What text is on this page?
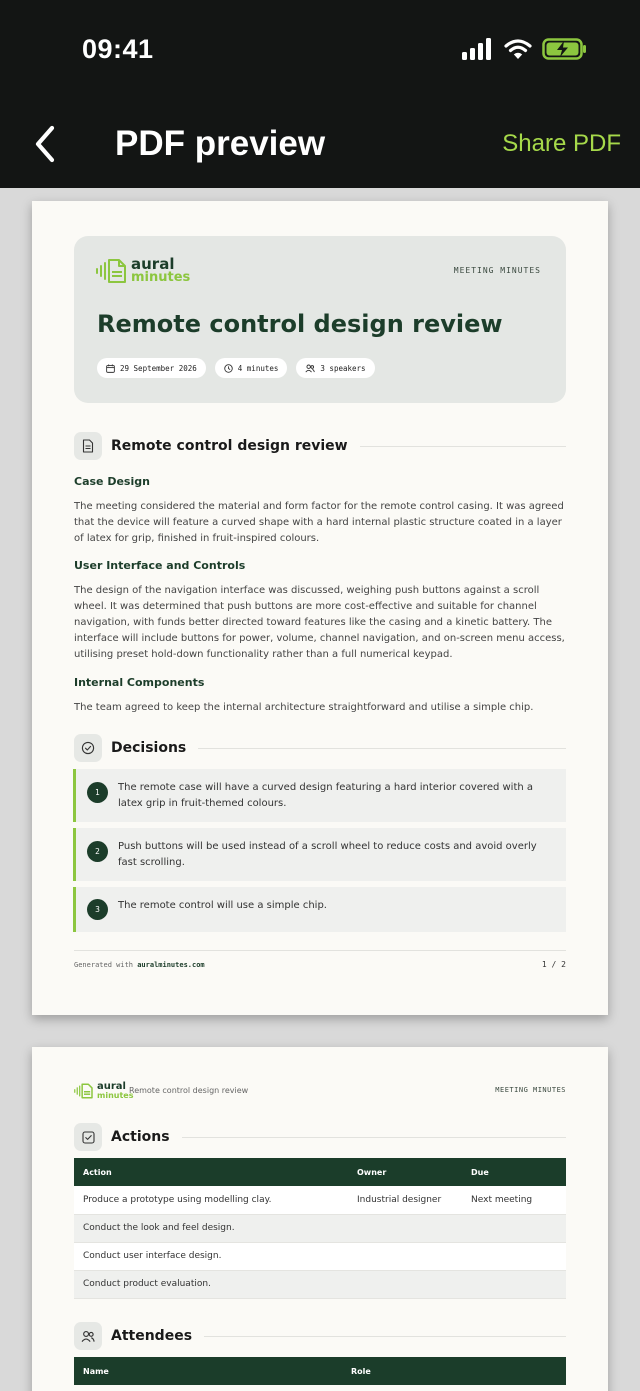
09:41
PDF preview	Share PDF
aural
minutes	MEETING MINUTES
Remote control design review
29 September 2026	4 minutes	3 speakers
Remote control design review
Case Design
The meeting considered the material and form factor for the remote control casing. It was agreed that the device will feature a curved shape with a hard internal plastic structure coated in a layer of latex for grip, finished in fruit-inspired colours.
User Interface and Controls
The design of the navigation interface was discussed, weighing push buttons against a scroll wheel. It was determined that push buttons are more cost-effective and suitable for channel navigation, with funds better directed toward features like the casing and a kinetic battery. The interface will include buttons for power, volume, channel navigation, and on-screen menu access, utilising preset hold-down functionality rather than a full numerical keypad.
Internal Components
The team agreed to keep the internal architecture straightforward and utilise a simple chip.
Decisions
1	The remote case will have a curved design featuring a hard interior covered with a latex grip in fruit-themed colours.
2	Push buttons will be used instead of a scroll wheel to reduce costs and avoid overly fast scrolling.
3	The remote control will use a simple chip.
Generated with auralminutes.com	1 / 2
aural
minutes
Remote control design review	MEETING MINUTES
Actions
Action	Owner	Due
Produce a prototype using modelling clay.	Industrial designer	Next meeting
Conduct the look and feel design.		
Conduct user interface design.		
Conduct product evaluation.		
Attendees
Name	Role
